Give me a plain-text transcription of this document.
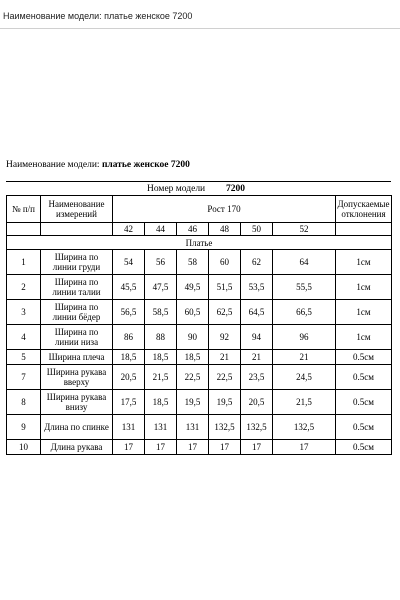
Наименование модели: платье женское 7200
Наименование модели: платье женское 7200
Номер модели 7200
№ п/п	Наименование измерений	Рост 170						Допускаемые отклонения
		42	44	46	48	50	52	
Платье								
1	Ширина по линии груди	54	56	58	60	62	64	1см
2	Ширина по линии талии	45,5	47,5	49,5	51,5	53,5	55,5	1см
3	Ширина по линии бёдер	56,5	58,5	60,5	62,5	64,5	66,5	1см
4	Ширина по линии низа	86	88	90	92	94	96	1см
5	Ширина плеча	18,5	18,5	18,5	21	21	21	0.5см
7	Ширина рукава вверху	20,5	21,5	22,5	22,5	23,5	24,5	0.5см
8	Ширина рукава внизу	17,5	18,5	19,5	19,5	20,5	21,5	0.5см
9	Длина по спинке	131	131	131	132,5	132,5	132,5	0.5см
10	Длина рукава	17	17	17	17	17	17	0.5см
